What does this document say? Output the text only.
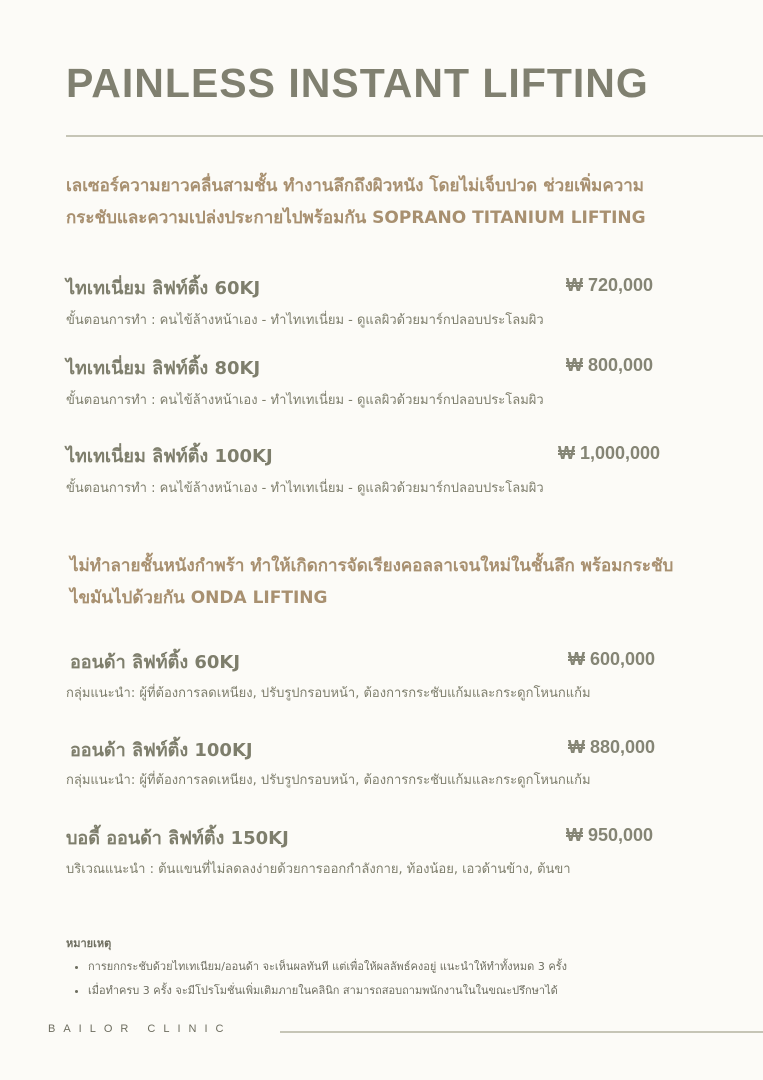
PAINLESS INSTANT LIFTING
เลเซอร์ความยาวคลื่นสามชั้น ทำงานลึกถึงผิวหนัง โดยไม่เจ็บปวด ช่วยเพิ่มความ
กระชับและความเปล่งประกายไปพร้อมกัน SOPRANO TITANIUM LIFTING
ไทเทเนี่ยม ลิฟท์ติ้ง 60KJ	₩ 720,000
ขั้นตอนการทำ : คนไข้ล้างหน้าเอง - ทำไทเทเนี่ยม - ดูแลผิวด้วยมาร์กปลอบประโลมผิว
ไทเทเนี่ยม ลิฟท์ติ้ง 80KJ	₩ 800,000
ขั้นตอนการทำ : คนไข้ล้างหน้าเอง - ทำไทเทเนี่ยม - ดูแลผิวด้วยมาร์กปลอบประโลมผิว
ไทเทเนี่ยม ลิฟท์ติ้ง 100KJ	₩ 1,000,000
ขั้นตอนการทำ : คนไข้ล้างหน้าเอง - ทำไทเทเนี่ยม - ดูแลผิวด้วยมาร์กปลอบประโลมผิว
ไม่ทำลายชั้นหนังกำพร้า ทำให้เกิดการจัดเรียงคอลลาเจนใหม่ในชั้นลึก พร้อมกระชับ
ไขมันไปด้วยกัน ONDA LIFTING
ออนด้า ลิฟท์ติ้ง 60KJ	₩ 600,000
กลุ่มแนะนำ: ผู้ที่ต้องการลดเหนียง, ปรับรูปกรอบหน้า, ต้องการกระชับแก้มและกระดูกโหนกแก้ม
ออนด้า ลิฟท์ติ้ง 100KJ	₩ 880,000
กลุ่มแนะนำ: ผู้ที่ต้องการลดเหนียง, ปรับรูปกรอบหน้า, ต้องการกระชับแก้มและกระดูกโหนกแก้ม
บอดี้ ออนด้า ลิฟท์ติ้ง 150KJ	₩ 950,000
บริเวณแนะนำ : ต้นแขนที่ไม่ลดลงง่ายด้วยการออกกำลังกาย, ท้องน้อย, เอวด้านข้าง, ต้นขา
หมายเหตุ
• การยกกระชับด้วยไทเทเนียม/ออนด้า จะเห็นผลทันที แต่เพื่อให้ผลลัพธ์คงอยู่ แนะนำให้ทำทั้งหมด 3 ครั้ง
• เมื่อทำครบ 3 ครั้ง จะมีโปรโมชั่นเพิ่มเติมภายในคลินิก สามารถสอบถามพนักงานในในขณะปรึกษาได้
BAILOR CLINIC
